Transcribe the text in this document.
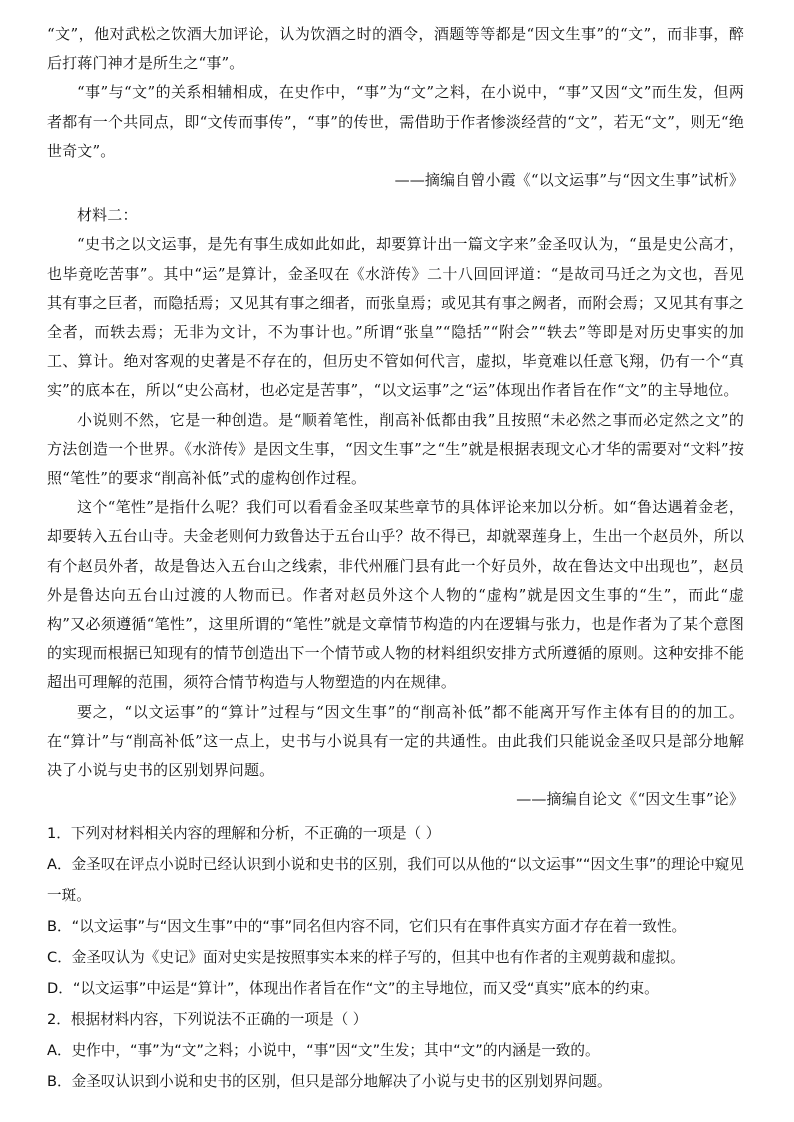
“文”，他对武松之饮酒大加评论，认为饮酒之时的酒令，酒题等等都是“因文生事”的“文”，而非事，醉后打蒋门神才是所生之“事”。

“事”与“文”的关系相辅相成，在史作中，“事”为“文”之料，在小说中，“事”又因“文”而生发，但两者都有一个共同点，即“文传而事传”，“事”的传世，需借助于作者惨淡经营的“文”，若无“文”，则无“绝世奇文”。

——摘编自曾小霞《“以文运事”与“因文生事”试析》

材料二：

“史书之以文运事，是先有事生成如此如此，却要算计出一篇文字来”金圣叹认为，“虽是史公高才，也毕竟吃苦事”。其中“运”是算计，金圣叹在《水浒传》二十八回回评道：“是故司马迁之为文也，吾见其有事之巨者，而隐括焉；又见其有事之细者，而张皇焉；或见其有事之阙者，而附会焉；又见其有事之全者，而轶去焉；无非为文计，不为事计也。”所谓“张皇”“隐括”“附会”“轶去”等即是对历史事实的加工、算计。绝对客观的史著是不存在的，但历史不管如何代言，虚拟，毕竟难以任意飞翔，仍有一个“真实”的底本在，所以“史公高材，也必定是苦事”，“以文运事”之“运”体现出作者旨在作“文”的主导地位。

小说则不然，它是一种创造。是“顺着笔性，削高补低都由我”且按照“未必然之事而必定然之文”的方法创造一个世界。《水浒传》是因文生事，“因文生事”之“生”就是根据表现文心才华的需要对“文料”按照“笔性”的要求“削高补低”式的虚构创作过程。

这个“笔性”是指什么呢？我们可以看看金圣叹某些章节的具体评论来加以分析。如“鲁达遇着金老，却要转入五台山寺。夫金老则何力致鲁达于五台山乎？故不得已，却就翠莲身上，生出一个赵员外，所以有个赵员外者，故是鲁达入五台山之线索，非代州雁门县有此一个好员外，故在鲁达文中出现也”，赵员外是鲁达向五台山过渡的人物而已。作者对赵员外这个人物的“虚构”就是因文生事的“生”，而此“虚构”又必须遵循“笔性”，这里所谓的“笔性”就是文章情节构造的内在逻辑与张力，也是作者为了某个意图的实现而根据已知现有的情节创造出下一个情节或人物的材料组织安排方式所遵循的原则。这种安排不能超出可理解的范围，须符合情节构造与人物塑造的内在规律。

要之，“以文运事”的“算计”过程与“因文生事”的“削高补低”都不能离开写作主体有目的的加工。在“算计”与“削高补低”这一点上，史书与小说具有一定的共通性。由此我们只能说金圣叹只是部分地解决了小说与史书的区别划界问题。

——摘编自论文《“因文生事”论》

1．下列对材料相关内容的理解和分析，不正确的一项是（ ）

A．金圣叹在评点小说时已经认识到小说和史书的区别，我们可以从他的“以文运事”“因文生事”的理论中窥见一斑。

B．“以文运事”与“因文生事”中的“事”同名但内容不同，它们只有在事件真实方面才存在着一致性。

C．金圣叹认为《史记》面对史实是按照事实本来的样子写的，但其中也有作者的主观剪裁和虚拟。

D．“以文运事”中运是“算计”，体现出作者旨在作“文”的主导地位，而又受“真实”底本的约束。

2．根据材料内容，下列说法不正确的一项是（ ）

A．史作中，“事”为“文”之料；小说中，“事”因“文”生发；其中“文”的内涵是一致的。

B．金圣叹认识到小说和史书的区别，但只是部分地解决了小说与史书的区别划界问题。
